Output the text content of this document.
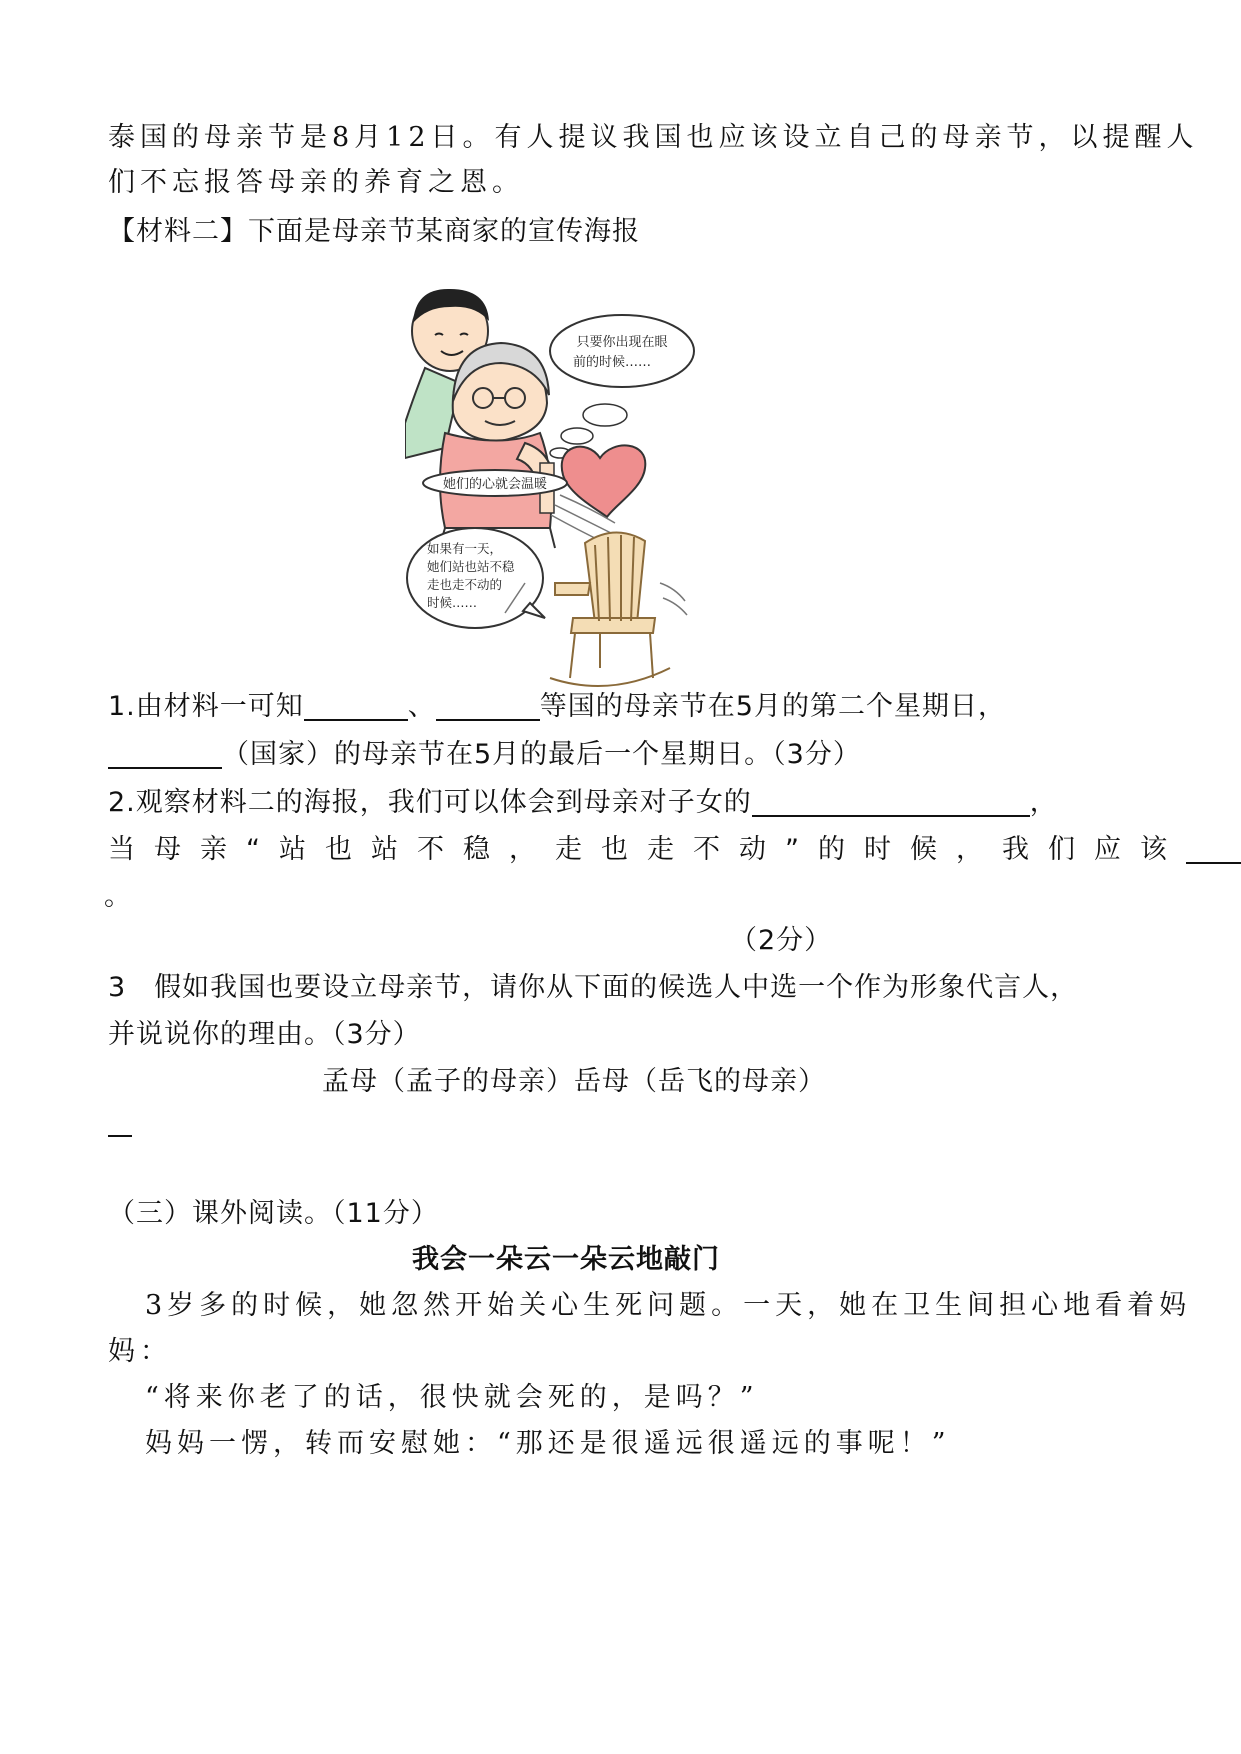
泰国的母亲节是8月12日。有人提议我国也应该设立自己的母亲节，以提醒人
们不忘报答母亲的养育之恩。
【材料二】下面是母亲节某商家的宣传海报
只要你出现在眼
前的时候……
她们的心就会温暖
如果有一天，
她们站也站不稳
走也走不动的
时候……
1.由材料一可知	、	等国的母亲节在5月的第二个星期日，
（国家）的母亲节在5月的最后一个星期日。（3分）
2.观察材料二的海报，我们可以体会到母亲对子女的	，
当母亲“站也站不稳，走也走不动”的时候，我们应该
。
（2分）
3　假如我国也要设立母亲节，请你从下面的候选人中选一个作为形象代言人，
并说说你的理由。（3分）
孟母（孟子的母亲）岳母（岳飞的母亲）
（三）课外阅读。（11分）
我会一朵云一朵云地敲门
3岁多的时候，她忽然开始关心生死问题。一天，她在卫生间担心地看着妈
妈：
“将来你老了的话，很快就会死的，是吗？”
妈妈一愣，转而安慰她：“那还是很遥远很遥远的事呢！”
